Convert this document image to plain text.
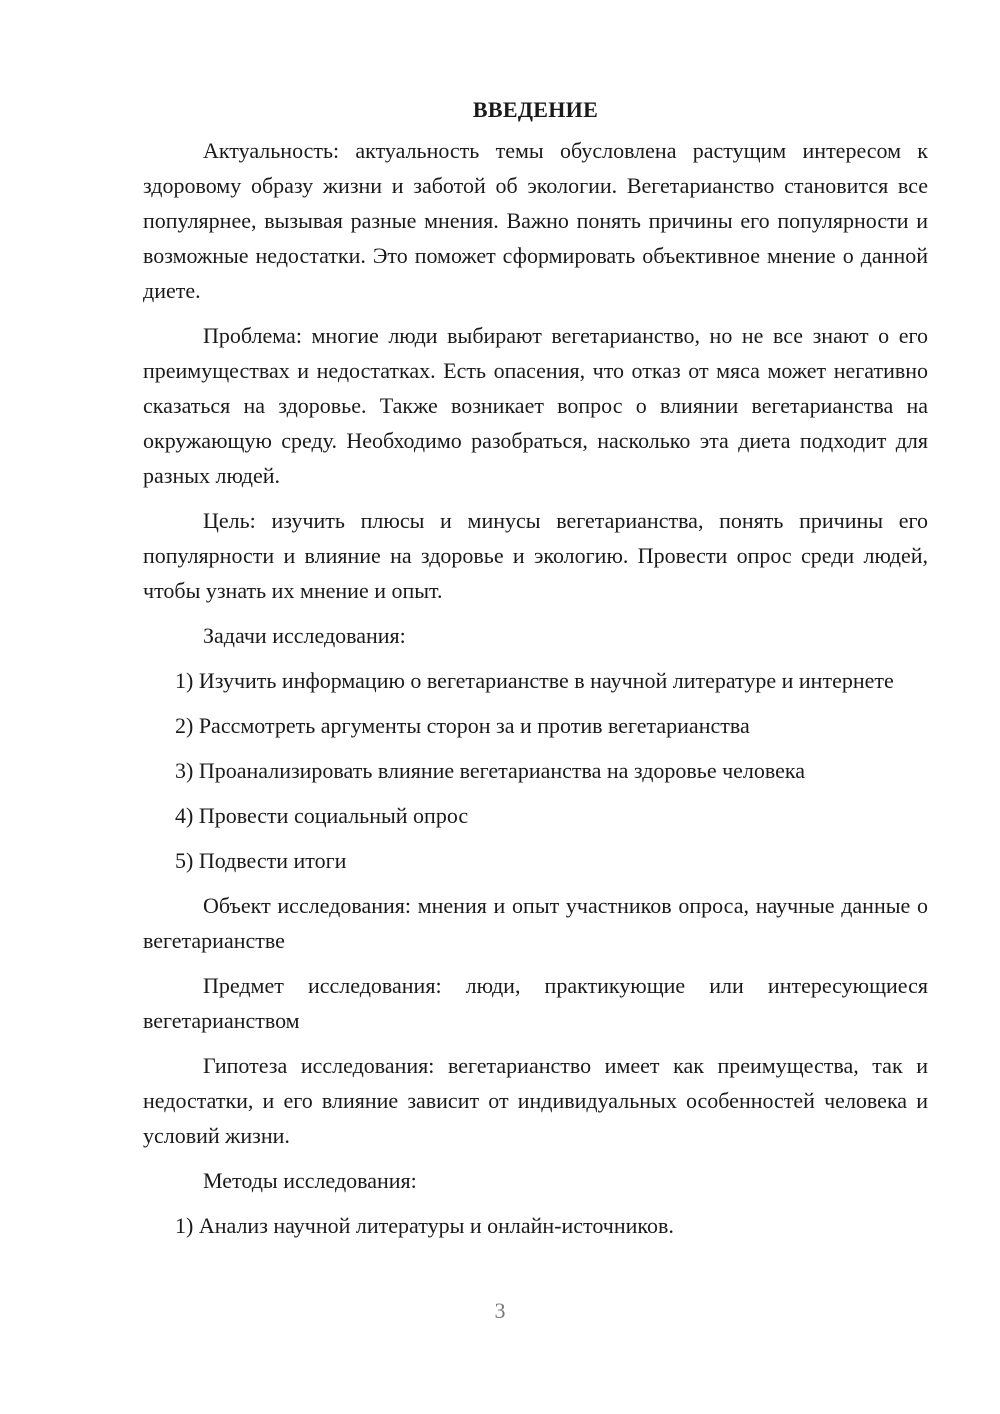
ВВЕДЕНИЕ

Актуальность: актуальность темы обусловлена растущим интересом к здоровому образу жизни и заботой об экологии. Вегетарианство становится все популярнее, вызывая разные мнения. Важно понять причины его популярности и возможные недостатки. Это поможет сформировать объективное мнение о данной диете.

Проблема: многие люди выбирают вегетарианство, но не все знают о его преимуществах и недостатках. Есть опасения, что отказ от мяса может негативно сказаться на здоровье. Также возникает вопрос о влиянии вегетарианства на окружающую среду. Необходимо разобраться, насколько эта диета подходит для разных людей.

Цель: изучить плюсы и минусы вегетарианства, понять причины его популярности и влияние на здоровье и экологию. Провести опрос среди людей, чтобы узнать их мнение и опыт.

Задачи исследования:

1) Изучить информацию о вегетарианстве в научной литературе и интернете

2) Рассмотреть аргументы сторон за и против вегетарианства

3) Проанализировать влияние вегетарианства на здоровье человека

4) Провести социальный опрос

5) Подвести итоги

Объект исследования: мнения и опыт участников опроса, научные данные о вегетарианстве

Предмет исследования: люди, практикующие или интересующиеся вегетарианством

Гипотеза исследования: вегетарианство имеет как преимущества, так и недостатки, и его влияние зависит от индивидуальных особенностей человека и условий жизни.

Методы исследования:

1) Анализ научной литературы и онлайн-источников.

3
